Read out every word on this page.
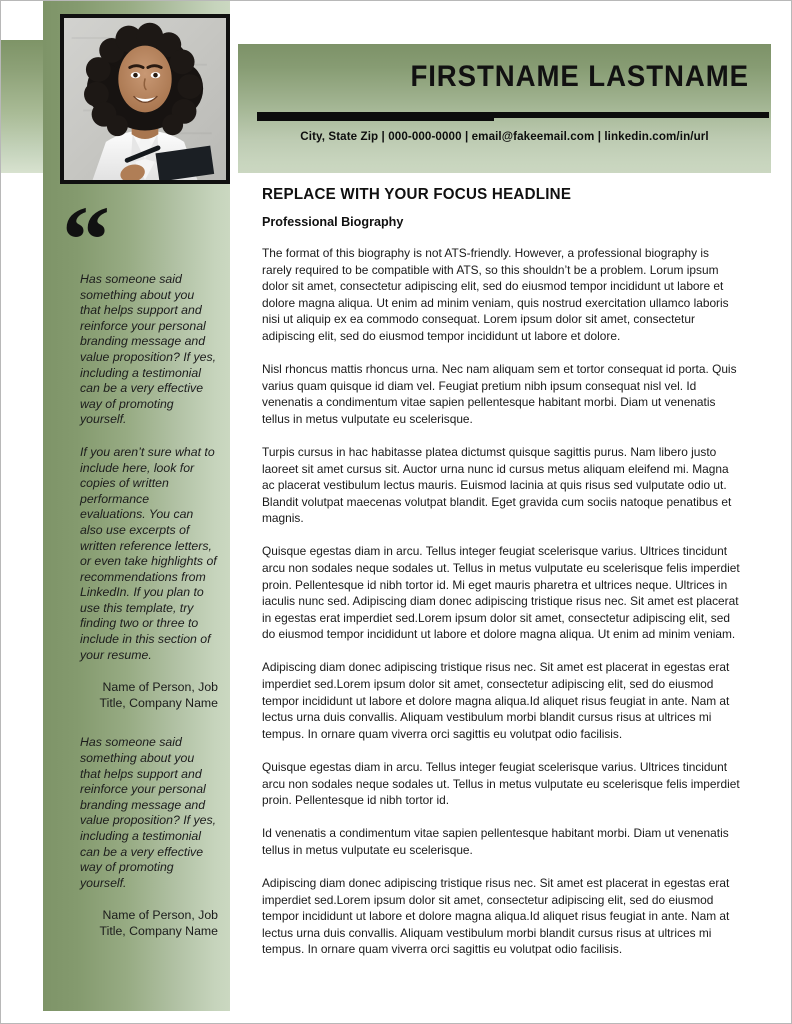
“

Has someone said something about you that helps support and reinforce your personal branding message and value proposition? If yes, including a testimonial can be a very effective way of promoting yourself.

If you aren’t sure what to include here, look for copies of written performance evaluations. You can also use excerpts of written reference letters, or even take highlights of recommendations from LinkedIn. If you plan to use this template, try finding two or three to include in this section of your resume.

Name of Person, Job Title, Company Name

Has someone said something about you that helps support and reinforce your personal branding message and value proposition? If yes, including a testimonial can be a very effective way of promoting yourself.

Name of Person, Job Title, Company Name

FIRSTNAME LASTNAME
City, State Zip | 000-000-0000 | email@fakeemail.com | linkedin.com/in/url
REPLACE WITH YOUR FOCUS HEADLINE
Professional Biography

The format of this biography is not ATS-friendly. However, a professional biography is rarely required to be compatible with ATS, so this shouldn’t be a problem. Lorum ipsum dolor sit amet, consectetur adipiscing elit, sed do eiusmod tempor incididunt ut labore et dolore magna aliqua. Ut enim ad minim veniam, quis nostrud exercitation ullamco laboris nisi ut aliquip ex ea commodo consequat. Lorem ipsum dolor sit amet, consectetur adipiscing elit, sed do eiusmod tempor incididunt ut labore et dolore.

Nisl rhoncus mattis rhoncus urna. Nec nam aliquam sem et tortor consequat id porta. Quis varius quam quisque id diam vel. Feugiat pretium nibh ipsum consequat nisl vel. Id venenatis a condimentum vitae sapien pellentesque habitant morbi. Diam ut venenatis tellus in metus vulputate eu scelerisque.

Turpis cursus in hac habitasse platea dictumst quisque sagittis purus. Nam libero justo laoreet sit amet cursus sit. Auctor urna nunc id cursus metus aliquam eleifend mi. Magna ac placerat vestibulum lectus mauris. Euismod lacinia at quis risus sed vulputate odio ut. Blandit volutpat maecenas volutpat blandit. Eget gravida cum sociis natoque penatibus et magnis.

Quisque egestas diam in arcu. Tellus integer feugiat scelerisque varius. Ultrices tincidunt arcu non sodales neque sodales ut. Tellus in metus vulputate eu scelerisque felis imperdiet proin. Pellentesque id nibh tortor id. Mi eget mauris pharetra et ultrices neque. Ultrices in iaculis nunc sed. Adipiscing diam donec adipiscing tristique risus nec. Sit amet est placerat in egestas erat imperdiet sed.Lorem ipsum dolor sit amet, consectetur adipiscing elit, sed do eiusmod tempor incididunt ut labore et dolore magna aliqua. Ut enim ad minim veniam.

Adipiscing diam donec adipiscing tristique risus nec. Sit amet est placerat in egestas erat imperdiet sed.Lorem ipsum dolor sit amet, consectetur adipiscing elit, sed do eiusmod tempor incididunt ut labore et dolore magna aliqua.Id aliquet risus feugiat in ante. Nam at lectus urna duis convallis. Aliquam vestibulum morbi blandit cursus risus at ultrices mi tempus. In ornare quam viverra orci sagittis eu volutpat odio facilisis.

Quisque egestas diam in arcu. Tellus integer feugiat scelerisque varius. Ultrices tincidunt arcu non sodales neque sodales ut. Tellus in metus vulputate eu scelerisque felis imperdiet proin. Pellentesque id nibh tortor id.

Id venenatis a condimentum vitae sapien pellentesque habitant morbi. Diam ut venenatis tellus in metus vulputate eu scelerisque.

Adipiscing diam donec adipiscing tristique risus nec. Sit amet est placerat in egestas erat imperdiet sed.Lorem ipsum dolor sit amet, consectetur adipiscing elit, sed do eiusmod tempor incididunt ut labore et dolore magna aliqua.Id aliquet risus feugiat in ante. Nam at lectus urna duis convallis. Aliquam vestibulum morbi blandit cursus risus at ultrices mi tempus. In ornare quam viverra orci sagittis eu volutpat odio facilisis.
